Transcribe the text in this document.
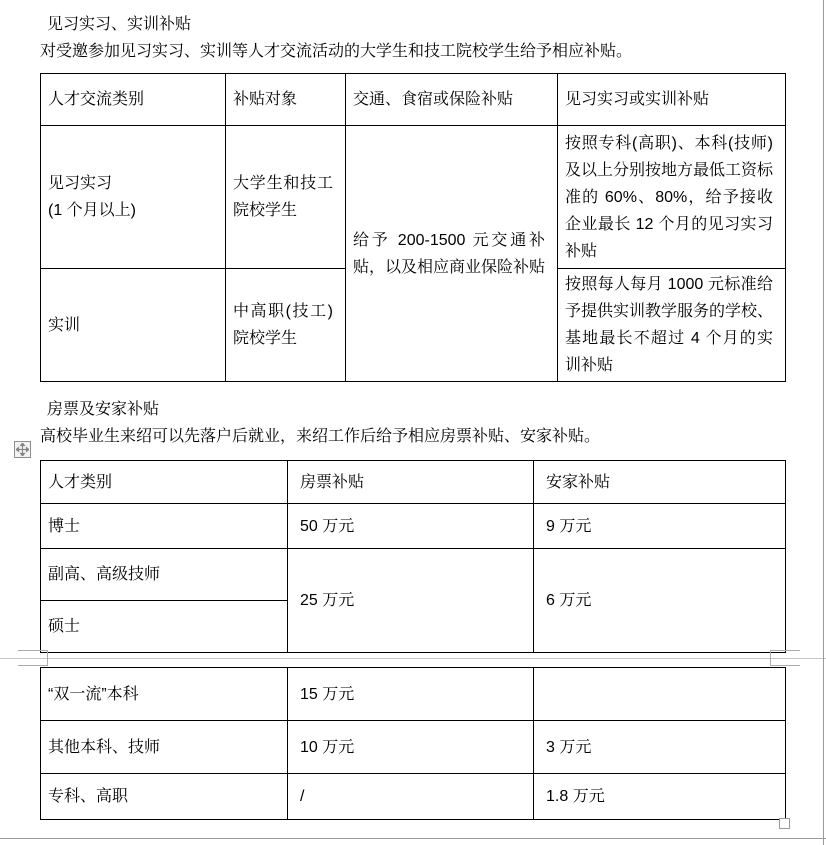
见习实习、实训补贴
对受邀参加见习实习、实训等人才交流活动的大学生和技工院校学生给予相应补贴。
人才交流类别	补贴对象	交通、食宿或保险补贴	见习实习或实训补贴

见习实习
(1 个月以上)	大学生和技工院校学生	给予 200-1500 元交通补贴，以及相应商业保险补贴	按照专科(高职)、本科(技师)及以上分别按地方最低工资标准的 60%、80%，给予接收企业最长 12 个月的见习实习补贴
实训	中高职(技工)院校学生		按照每人每月 1000 元标准给予提供实训教学服务的学校、基地最长不超过 4 个月的实训补贴
房票及安家补贴
高校毕业生来绍可以先落户后就业，来绍工作后给予相应房票补贴、安家补贴。
人才类别	房票补贴	安家补贴
博士	50 万元	9 万元
副高、高级技师	25 万元	6 万元
硕士		
“双一流”本科	15 万元	
其他本科、技师	10 万元	3 万元
专科、高职	/	1.8 万元
